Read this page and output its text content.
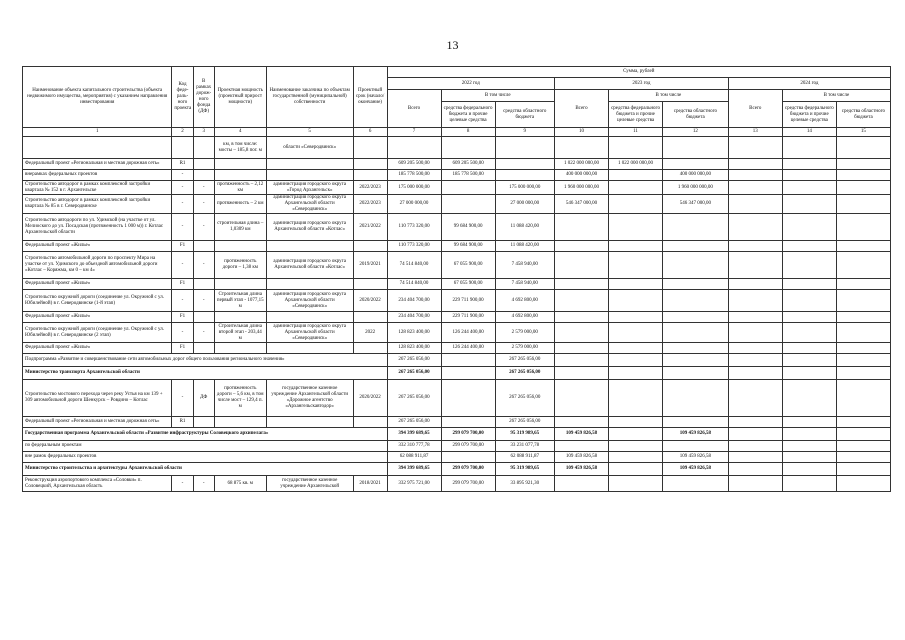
13
Наименование объекта капитального строительства (объекта недвижимого имущества, мероприятия) с указанием направления инвестирования	Код феде-раль-ного проекта	В рамках дорож-ного фонда (ДФ)	Проектная мощность (проектный прирост мощности)	Наименование заказчика по объектам государственной (муниципальной) собственности	Проектный срок (начало/окончание)	Сумма, рублей								
						2022 год			2023 год			2024 год		
						Всего	В том числе		Всего	В том числе		Всего	В том числе	
							средства федерального бюджета и прочие целевые средства	средства областного бюджета		средства федерального бюджета и прочие целевые средства	средства областного бюджета		средства федерального бюджета и прочие целевые средства	средства областного бюджета
1	2	3	4	5	6	7	8	9	10	11	12	13	14	15
			км, в том числе: мосты – 185,8 пог. м	области «Северодвинск»										
Федеральный проект «Региональная и местная дорожная сеть»	R1					609 205 500,00	609 205 500,00		1 022 000 000,00	1 022 000 000,00				
внерамках федеральных проектов	-					185 778 500,00	185 778 500,00		400 000 000,00		400 000 000,00			
Строительство автодорог в рамках комплексной застройки квартала № 152 в г. Архангельске	-	-	протяженность – 2,12 км	администрация городского округа «Город Архангельск»	2022/2023	175 000 000,00		175 000 000,00	1 960 000 000,00		1 960 000 000,00			
Строительство автодорог в рамках комплексной застройки квартала № 85 в г. Северодвинске	-	-	протяженность – 2 км	администрация городского округа Архангельской области «Северодвинск»	2022/2023	27 000 000,00		27 000 000,00	546 347 000,00		546 347 000,00			
Строительство автодороги по ул. Удимской (на участке от ул. Мелиоского до ул. Посадская (протяженность 1 000 м)) г. Котлас Архангельской области	-	-	строительная длина – 1,0309 км	администрация городского округа Архангельской области «Котлас»	2021/2022	110 773 320,00	99 684 900,00	11 088 420,00						
Федеральный проект «Жилье»	F1					110 773 320,00	99 684 900,00	11 088 420,00						
Строительство автомобильной дороги по проспекту Мира на участке от ул. Удимского до объездной автомобильной дороги «Котлас – Коряжма, км 0 – км 4»	-	-	протяженность дороги – 1,38 км	администрация городского округа Архангельской области «Котлас»	2019/2021	74 514 840,00	67 055 900,00	7 458 940,00						
Федеральный проект «Жилье»	F1					74 514 840,00	67 055 900,00	7 458 940,00						
Строительство окружной дороги (соединение ул. Окружной с ул. Юбилейной) в г. Северодвинске (1-й этап)	-	-	Строительная длина первый этап - 1077,15 м	администрация городского округа Архангельской области «Северодвинск»	2020/2022	234 404 700,00	229 711 900,00	4 692 800,00						
Федеральный проект «Жилье»	F1					234 404 700,00	229 711 900,00	4 692 800,00						
Строительство окружной дороги (соединение ул. Окружной с ул. Юбилейной) в г. Северодвинске (2 этап)	-	-	Строительная длина второй этап - 203,44 м	администрация городского округа Архангельской области «Северодвинск»	2022	128 823 400,00	126 244 400,00	2 579 000,00						
Федеральный проект «Жилье»	F1					128 823 400,00	126 244 400,00	2 579 000,00						
Подпрограмма «Развитие и совершенствование сети автомобильных дорог общего пользования регионального значения»						267 265 056,00		267 265 056,00						
Министерство транспорта Архангельской области						267 265 056,00		267 265 056,00						
Строительство мостового перехода через реку Устья на км 139 + 309 автомобильной дороги Шенкурск – Ровдино – Котлас	-	ДФ	протяженность дороги – 5,6 км, в том числе мост – 129,4 п. м	государственное казенное учреждение Архангельской области «Дорожное агентство «Архангельскавтодор»	2020/2022	267 265 056,00		267 265 056,00						
Федеральный проект «Региональная и местная дорожная сеть»	R1					267 265 056,00		267 265 056,00						
Государственная программа Архангельской области «Развитие инфраструктуры Соловецкого архипелага»						394 399 689,65	299 079 700,00	95 319 989,65	109 459 826,58		109 459 826,58			
по федеральным проектам						332 310 777,78	299 079 700,00	33 231 077,78						
вне рамок федеральных проектов						62 088 911,87		62 088 911,87	109 459 826,58		109 459 826,58			
Министерство строительства и архитектуры Архангельской области						394 399 689,65	299 079 700,00	95 319 989,65	109 459 826,58		109 459 826,58			
Реконструкция аэропортового комплекса «Соловки» п. Соловецкий, Архангельская область	-	-	68 875 кв. м	государственное казенное учреждение Архангельской	2018/2021	332 975 721,00	299 079 700,00	33 895 921,30						
